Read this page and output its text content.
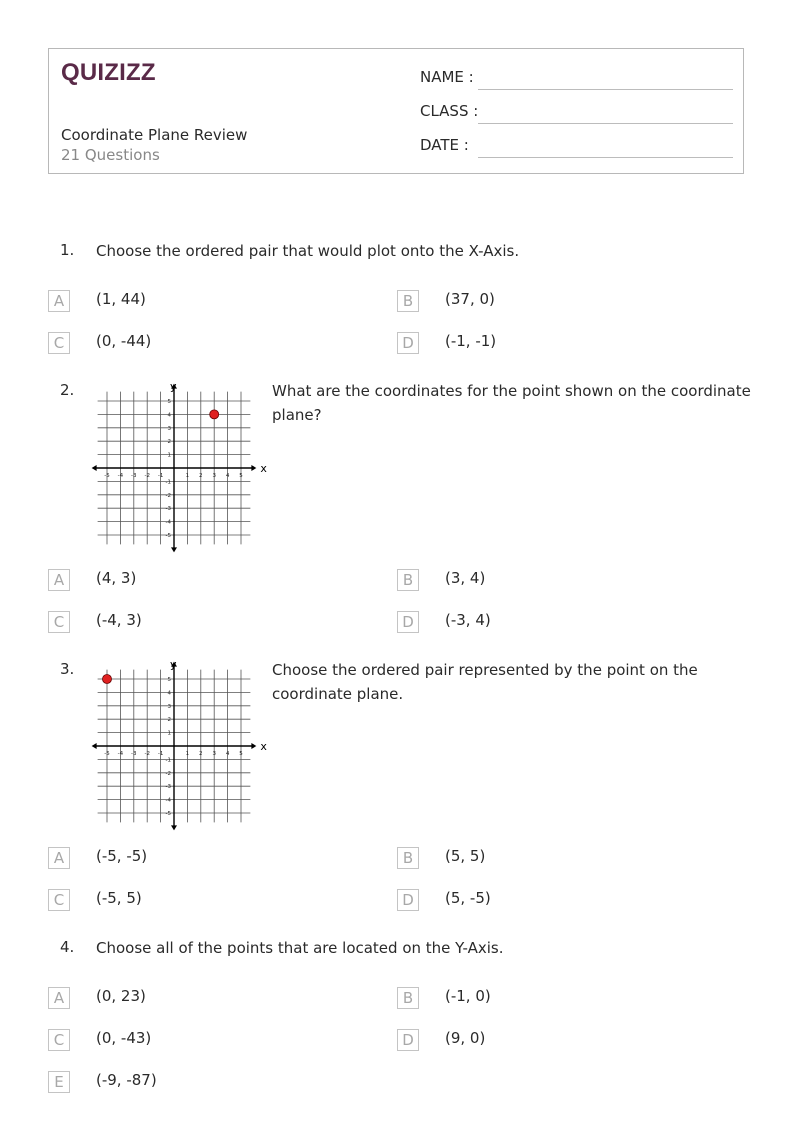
QUIZIZZ
Coordinate Plane Review
21 Questions
NAME :
CLASS :
DATE :
1. Choose the ordered pair that would plot onto the X-Axis.
A	(1, 44)	B	(37, 0)
C	(0, -44)	D	(-1, -1)
2.
x
y
-5 -4 -3 -2 -1	1 2 3 4 5
5
4
3
2
1
-1
-2
-3
-4
-5
What are the coordinates for the point shown on the coordinate plane?
A	(4, 3)	B	(3, 4)
C	(-4, 3)	D	(-3, 4)
3.
x
y
-5 -4 -3 -2 -1	1 2 3 4 5
5
4
3
2
1
-1
-2
-3
-4
-5
Choose the ordered pair represented by the point on the coordinate plane.
A	(-5, -5)	B	(5, 5)
C	(-5, 5)	D	(5, -5)
4. Choose all of the points that are located on the Y-Axis.
A	(0, 23)	B	(-1, 0)
C	(0, -43)	D	(9, 0)
E	(-9, -87)
